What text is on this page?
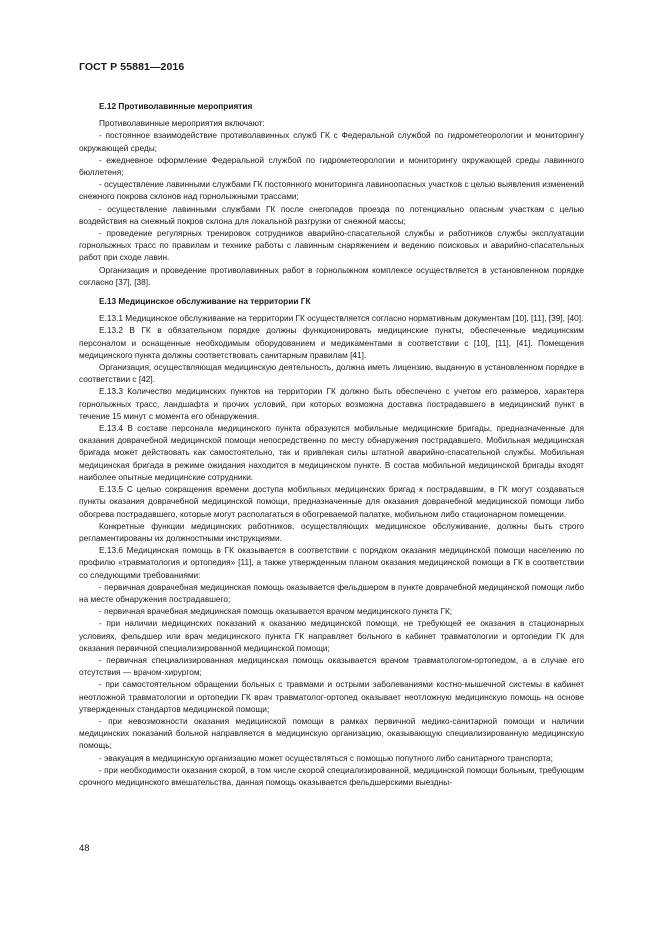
ГОСТ Р 55881—2016
Е.12 Противолавинные мероприятия

Противолавинные мероприятия включают:

- постоянное взаимодействие противолавинных служб ГК с Федеральной службой по гидрометеорологии и мониторингу окружающей среды;

- ежедневное оформление Федеральной службой по гидрометеорологии и мониторингу окружающей среды лавинного бюллетеня;

- осуществление лавинными службами ГК постоянного мониторинга лавиноопасных участков с целью выявления изменений снежного покрова склонов над горнолыжными трассами;

- осуществление лавинными службами ГК после снегопадов проезда по потенциально опасным участкам с целью воздействия на снежный покров склона для локальной разгрузки от снежной массы;

- проведение регулярных тренировок сотрудников аварийно-спасательной службы и работников службы эксплуатации горнолыжных трасс по правилам и технике работы с лавинным снаряжением и ведению поисковых и аварийно-спасательных работ при сходе лавин.

Организация и проведение противолавинных работ в горнолыжном комплексе осуществляется в установленном порядке согласно [37], [38].

Е.13 Медицинское обслуживание на территории ГК

Е.13.1 Медицинское обслуживание на территории ГК осуществляется согласно нормативным документам [10], [11], [39], [40].

Е.13.2 В ГК в обязательном порядке должны функционировать медицинские пункты, обеспеченные медицинским персоналом и оснащенные необходимым оборудованием и медикаментами в соответствии с [10], [11], [41]. Помещения медицинского пункта должны соответствовать санитарным правилам [41].

Организация, осуществляющая медицинскую деятельность, должна иметь лицензию, выданную в установленном порядке в соответствии с [42].

Е.13.3 Количество медицинских пунктов на территории ГК должно быть обеспечено с учетом его размеров, характера горнолыжных трасс, ландшафта и прочих условий, при которых возможна доставка пострадавшего в медицинский пункт в течение 15 минут с момента его обнаружения.

Е.13.4 В составе персонала медицинского пункта образуются мобильные медицинские бригады, предназначенные для оказания доврачебной медицинской помощи непосредственно по месту обнаружения пострадавшего. Мобильная медицинская бригада может действовать как самостоятельно, так и привлекая силы штатной аварийно-спасательной службы. Мобильная медицинская бригада в режиме ожидания находится в медицинском пункте. В состав мобильной медицинской бригады входят наиболее опытные медицинские сотрудники.

Е.13.5 С целью сокращения времени доступа мобильных медицинских бригад к пострадавшим, в ГК могут создаваться пункты оказания доврачебной медицинской помощи, предназначенные для оказания доврачебной медицинской помощи либо обогрева пострадавшего, которые могут располагаться в обогреваемой палатке, мобильном либо стационарном помещении.

Конкретные функции медицинских работников, осуществляющих медицинское обслуживание, должны быть строго регламентированы их должностными инструкциями.

Е.13.6 Медицинская помощь в ГК оказывается в соответствии с порядком оказания медицинской помощи населению по профилю «травматология и ортопедия» [11], а также утвержденным планом оказания медицинской помощи в ГК в соответствии со следующими требованиями:

- первичная доврачебная медицинская помощь оказывается фельдшером в пункте доврачебной медицинской помощи либо на месте обнаружения пострадавшего;

- первичная врачебная медицинская помощь оказывается врачом медицинского пункта ГК;

- при наличии медицинских показаний к оказанию медицинской помощи, не требующей ее оказания в стационарных условиях, фельдшер или врач медицинского пункта ГК направляет больного в кабинет травматологии и ортопедии ГК для оказания первичной специализированной медицинской помощи;

- первичная специализированная медицинская помощь оказывается врачом травматологом-ортопедом, а в случае его отсутствия — врачом-хирургом;

- при самостоятельном обращении больных с травмами и острыми заболеваниями костно-мышечной системы в кабинет неотложной травматологии и ортопедии ГК врач травматолог-ортопед оказывает неотложную медицинскую помощь на основе утвержденных стандартов медицинской помощи;

- при невозможности оказания медицинской помощи в рамках первичной медико-санитарной помощи и наличии медицинских показаний больной направляется в медицинскую организацию, оказывающую специализированную медицинскую помощь;

- эвакуация в медицинскую организацию может осуществляться с помощью попутного либо санитарного транспорта;

- при необходимости оказания скорой, в том числе скорой специализированной, медицинской помощи больным, требующим срочного медицинского вмешательства, данная помощь оказывается фельдшерскими выездны-

48
